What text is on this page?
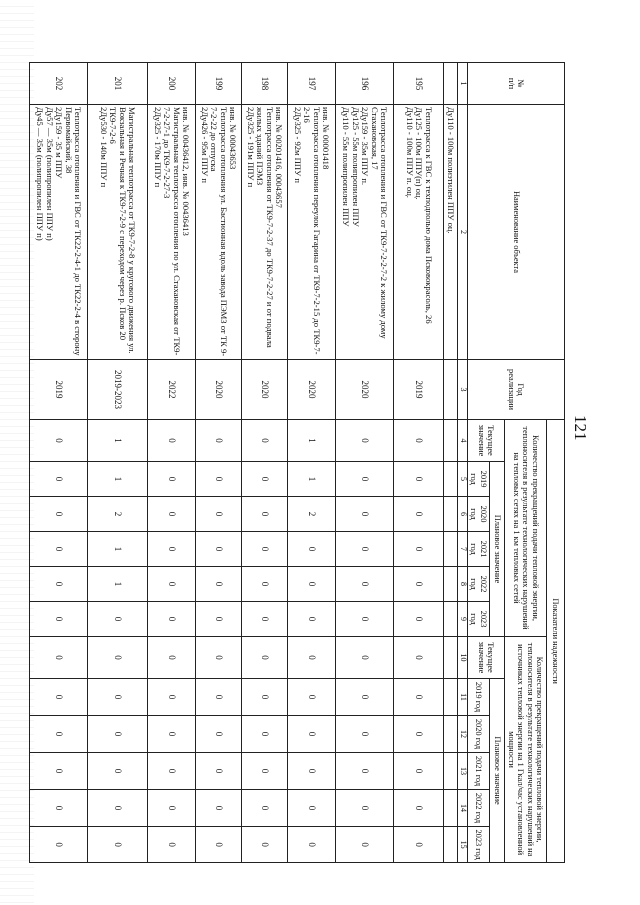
121
№
п/п	Наименование объекта	Год
реализации	Показатели надежности											
			Количество прекращений подачи тепловой энергии, теплоносителя в результате технологических нарушений на тепловых сетях на 1 км тепловых сетей						Количество прекращений подачи тепловой энергии, теплоносителя в результате технологических нарушений на источниках тепловой энергии на 1 Гкал/час установленной мощности					
			Текущее значение	Плановое значение					Текущее значение	Плановое значение				
				2019 год	2020 год	2021 год	2022 год	2023 год		2019 год	2020 год	2021 год	2022 год	2023 год
1	2	3	4	5	6	7	8	9	10	11	12	13	14	15
	Ду110 - 100м полиэтилен ППУ оц.													
195	Теплотрасса к ГВС к техподполью дома Псковокрасоль, 26
Ду125 - 100м ППУ(п) оц.
Ду110 - 100м ППУ п. оц.	2019	0	0	0	0	0	0	0	0	0	0	0	0
196	Теплотрасса отопления и ГВС от ТК9-7-2-2-7-2 к жилому дому Стахановская, 17
2Ду159 - 35м ППУ п.
Ду125 - 55м полипропилен ППУ
Ду110 - 55м полипропилен ППУ	2020	0	0	0	0	0	0	0	0	0	0	0	0
197	инв. № 00001418
Теплотрасса отопления переулок Гагарина от ТК9-7-2-15 до ТК9-7-2-16
2Ду325 - 92м ППУ п	2020	1	1	2	0	0	0	0	0	0	0	0	0
198	инв. № 00201416, 00043657
Теплотрасса отопления от ТК9-7-2-37 до ТК9-7-2-27 и от подвала жилых зданий ПЭМЗ
2Ду325 - 191м ППУ п	2020	0	0	0	0	0	0	0	0	0	0	0	0
199	инв. № 00043653
Теплотрасса отопления ул. Бастионная вдоль завода ПЭМЗ от ТК 9-7-2-22 до отпуска
2Ду426 - 95м ППУ п	2020	0	0	0	0	0	0	0	0	0	0	0	0
200	инв. № 00436412, инв. № 00436413
Магистральная теплотрасса отопления по ул. Стахановская от ТК9-7-2-27-1 до ТК9-7-2-27-3
2Ду325 - 170м ППУ п	2022	0	0	0	0	0	0	0	0	0	0	0	0
201	Магистральная теплотрасса от ТК9-7-2-8 у кругового движения ул. Вокзальная и Речная к ТК9-7-2-9 с переходом через р. Псков 20
ТК9-7-2-6
2Ду530 - 140м ППУ п	2019-2023	1	1	2	1	1	0	0	0	0	0	0	0
202	Теплотрасса отопления и ГВС от ТК22-2-4-1 до ТК22-2-4 в сторону Первомайский, 38
2Ду159 - 35 м ППУ
Ду57 — 35м (полипропилен ППУ п)
Ду45 — 35м (полипропилен ППУ п)	2019	0	0	0	0	0	0	0	0	0	0	0	0
